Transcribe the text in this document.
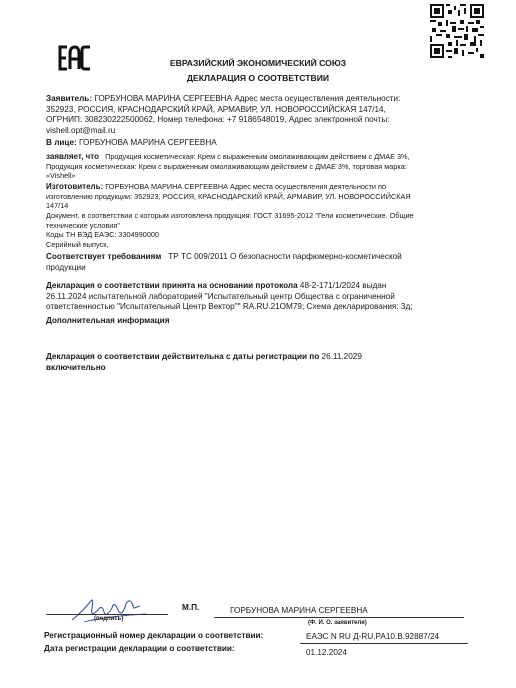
ЕВРАЗИЙСКИЙ ЭКОНОМИЧЕСКИЙ СОЮЗ
ДЕКЛАРАЦИЯ О СООТВЕТСТВИИ
Заявитель: ГОРБУНОВА МАРИНА СЕРГЕЕВНА Адрес места осуществления деятельности:
352923, РОССИЯ, КРАСНОДАРСКИЙ КРАЙ, АРМАВИР, УЛ. НОВОРОССИЙСКАЯ 147/14,
ОГРНИП: 308230222500062, Номер телефона: +7 9186548019, Адрес электронной почты:
vishell.opt@mail.ru
В лице: ГОРБУНОВА МАРИНА СЕРГЕЕВНА
заявляет, что Продукция косметическая: Крем с выраженным омолаживающим действием с ДМАЕ 3%,
Продукция косметическая: Крем с выраженным омолаживающим действием с ДМАЕ 3%, торговая марка:
«Vishell»
Изготовитель: ГОРБУНОВА МАРИНА СЕРГЕЕВНА Адрес места осуществления деятельности по
изготовлению продукции: 352923, РОССИЯ, КРАСНОДАРСКИЙ КРАЙ, АРМАВИР, УЛ. НОВОРОССИЙСКАЯ
147/14
Документ, в соответствии с которым изготовлена продукция: ГОСТ 31695-2012 "Гели косметические. Общие
технические условия"
Коды ТН ВЭД ЕАЭС: 3304990000
Серийный выпуск,
Соответствует требованиям ТР ТС 009/2011 О безопасности парфюмерно-косметической
продукции
Декларация о соответствии принята на основании протокола 48-2-171/1/2024 выдан
26.11.2024 испытательной лабораторией "Испытательный центр Общества с ограниченной
ответственностью "Испытательный Центр Вектор"" RA.RU.21ОМ79; Схема декларирования: 3д;
Дополнительная информация
Декларация о соответствии действительна с даты регистрации по 26.11.2029
включительно
(подпись)
М.П.	ГОРБУНОВА МАРИНА СЕРГЕЕВНА
(Ф. И. О. заявителя)
Регистрационный номер декларации о соответствии:	ЕАЭС N RU Д-RU.РА10.В.92887/24
Дата регистрации декларации о соответствии:	01.12.2024
